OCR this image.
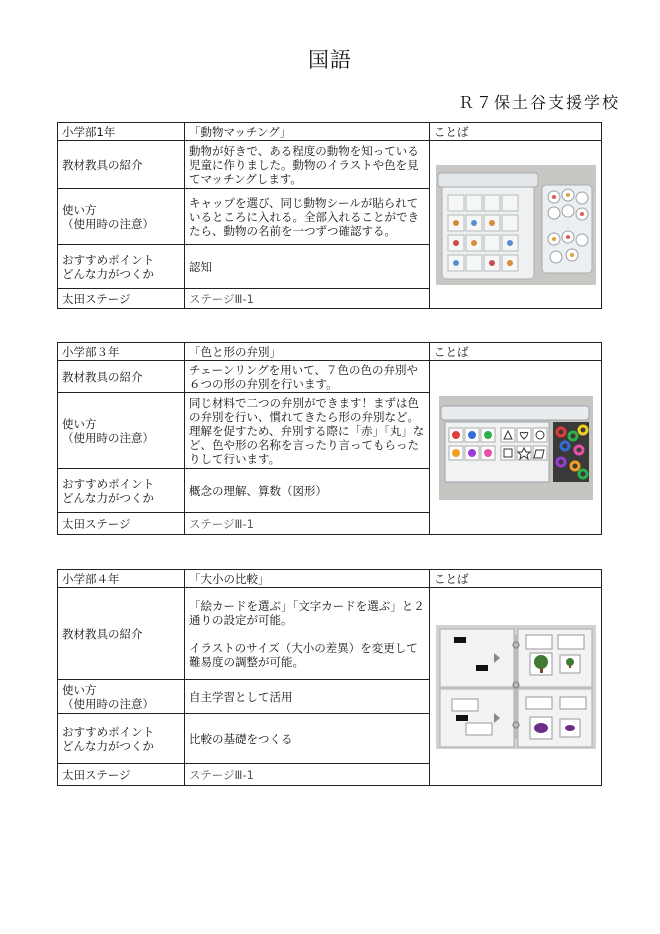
国語
Ｒ７保土谷支援学校
小学部1年	「動物マッチング」	ことば
教材教具の紹介	動物が好きで、ある程度の動物を知っている児童に作りました。動物のイラストや色を見てマッチングします。	

使い方
（使用時の注意）	キャップを選び、同じ動物シールが貼られているところに入れる。全部入れることができたら、動物の名前を一つずつ確認する。	
おすすめポイント
どんな力がつくか	認知	
太田ステージ	ステージⅢ-1	
小学部３年	「色と形の弁別」	ことば
教材教具の紹介	チェーンリングを用いて、７色の色の弁別や６つの形の弁別を行います。	

使い方
（使用時の注意）	同じ材料で二つの弁別ができます！まずは色の弁別を行い、慣れてきたら形の弁別など。理解を促すため、弁別する際に「赤」「丸」など、色や形の名称を言ったり言ってもらったりして行います。	
おすすめポイント
どんな力がつくか	概念の理解、算数（図形）	
太田ステージ	ステージⅢ-1	
小学部４年	「大小の比較」	ことば
教材教具の紹介	「絵カードを選ぶ」「文字カードを選ぶ」と２通りの設定が可能。

イラストのサイズ（大小の差異）を変更して難易度の調整が可能。	

使い方
（使用時の注意）	自主学習として活用	
おすすめポイント
どんな力がつくか	比較の基礎をつくる	
太田ステージ	ステージⅢ-1	
